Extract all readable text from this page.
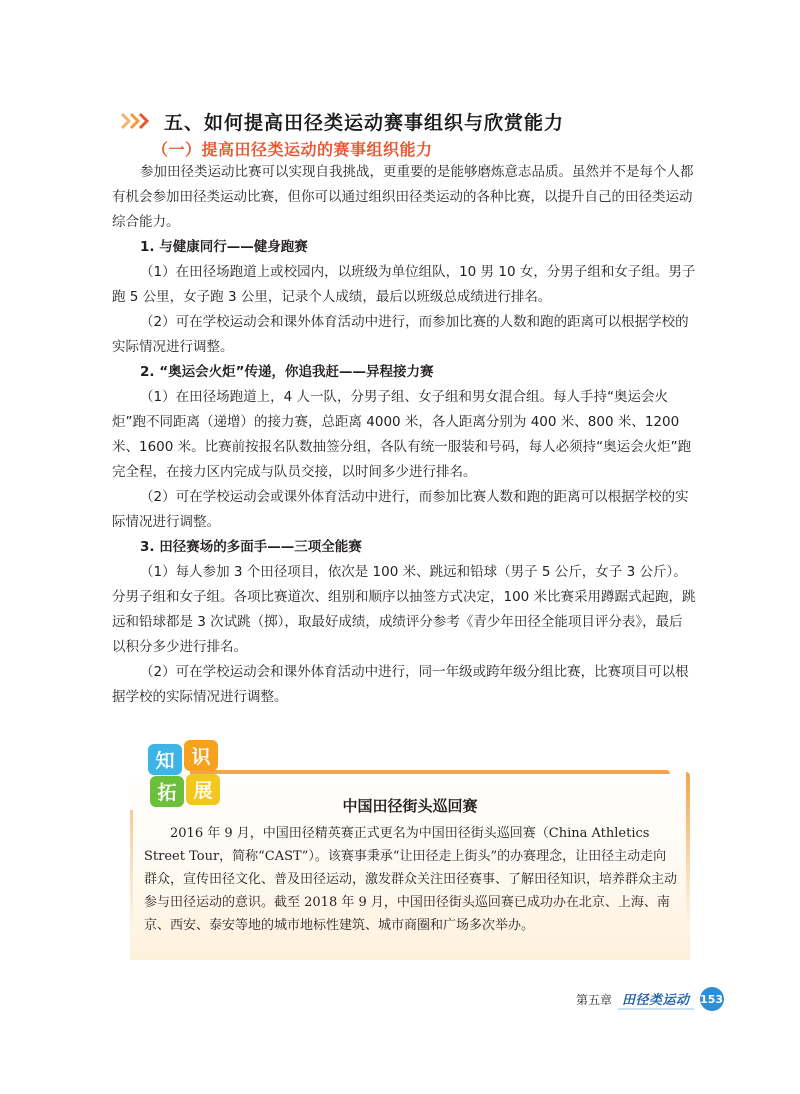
五、如何提高田径类运动赛事组织与欣赏能力
（一）提高田径类运动的赛事组织能力

参加田径类运动比赛可以实现自我挑战，更重要的是能够磨炼意志品质。虽然并不是每个人都有机会参加田径类运动比赛，但你可以通过组织田径类运动的各种比赛，以提升自己的田径类运动综合能力。

1. 与健康同行——健身跑赛

（1）在田径场跑道上或校园内，以班级为单位组队，10 男 10 女，分男子组和女子组。男子跑 5 公里，女子跑 3 公里，记录个人成绩，最后以班级总成绩进行排名。

（2）可在学校运动会和课外体育活动中进行，而参加比赛的人数和跑的距离可以根据学校的实际情况进行调整。

2. “奥运会火炬”传递，你追我赶——异程接力赛

（1）在田径场跑道上，4 人一队，分男子组、女子组和男女混合组。每人手持“奥运会火炬”跑不同距离（递增）的接力赛，总距离 4000 米，各人距离分别为 400 米、800 米、1200 米、1600 米。比赛前按报名队数抽签分组，各队有统一服装和号码，每人必须持“奥运会火炬”跑完全程，在接力区内完成与队员交接，以时间多少进行排名。

（2）可在学校运动会或课外体育活动中进行，而参加比赛人数和跑的距离可以根据学校的实际情况进行调整。

3. 田径赛场的多面手——三项全能赛

（1）每人参加 3 个田径项目，依次是 100 米、跳远和铅球（男子 5 公斤，女子 3 公斤）。分男子组和女子组。各项比赛道次、组别和顺序以抽签方式决定，100 米比赛采用蹲踞式起跑，跳远和铅球都是 3 次试跳（掷），取最好成绩，成绩评分参考《青少年田径全能项目评分表》，最后以积分多少进行排名。

（2）可在学校运动会和课外体育活动中进行，同一年级或跨年级分组比赛，比赛项目可以根据学校的实际情况进行调整。

知 识
拓 展
中国田径街头巡回赛

2016 年 9 月，中国田径精英赛正式更名为中国田径街头巡回赛（China Athletics Street Tour，简称“CAST”）。该赛事秉承“让田径走上街头”的办赛理念，让田径主动走向群众，宣传田径文化、普及田径运动，激发群众关注田径赛事、了解田径知识，培养群众主动参与田径运动的意识。截至 2018 年 9 月，中国田径街头巡回赛已成功办在北京、上海、南京、西安、泰安等地的城市地标性建筑、城市商圈和广场多次举办。

第五章 田径类运动 153
